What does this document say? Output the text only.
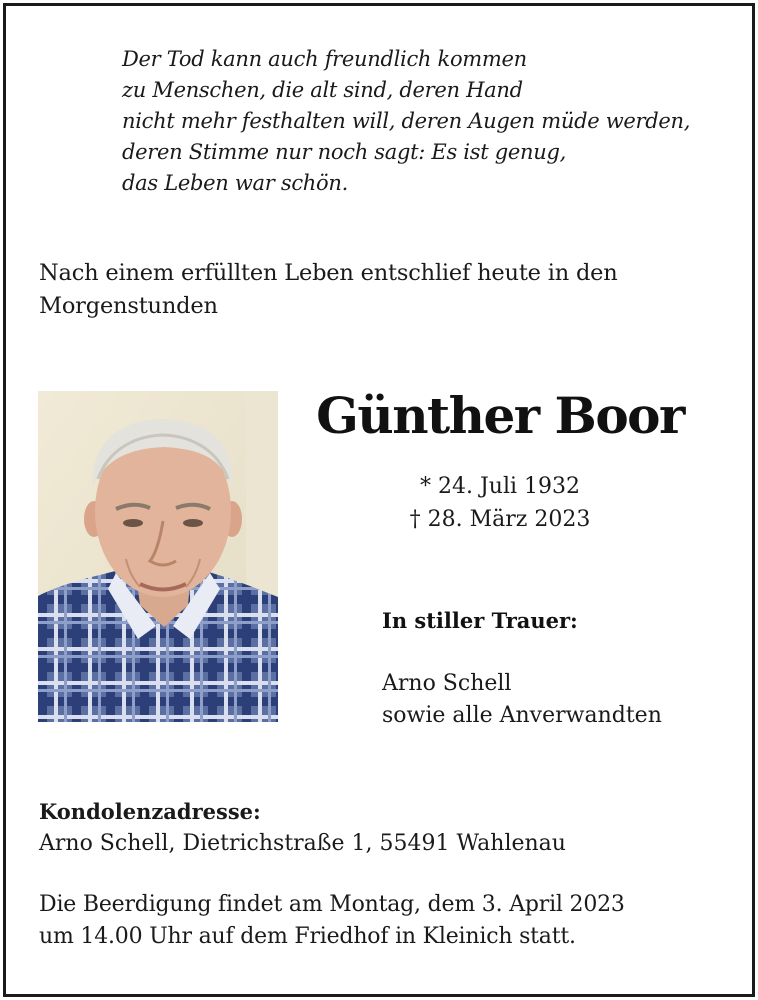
Der Tod kann auch freundlich kommen
zu Menschen, die alt sind, deren Hand
nicht mehr festhalten will, deren Augen müde werden,
deren Stimme nur noch sagt: Es ist genug,
das Leben war schön.
Nach einem erfüllten Leben entschlief heute in den
Morgenstunden
Günther Boor
* 24. Juli 1932
† 28. März 2023
In stiller Trauer:
Arno Schell
sowie alle Anverwandten
Kondolenzadresse:
Arno Schell, Dietrichstraße 1, 55491 Wahlenau
Die Beerdigung findet am Montag, dem 3. April 2023
um 14.00 Uhr auf dem Friedhof in Kleinich statt.
